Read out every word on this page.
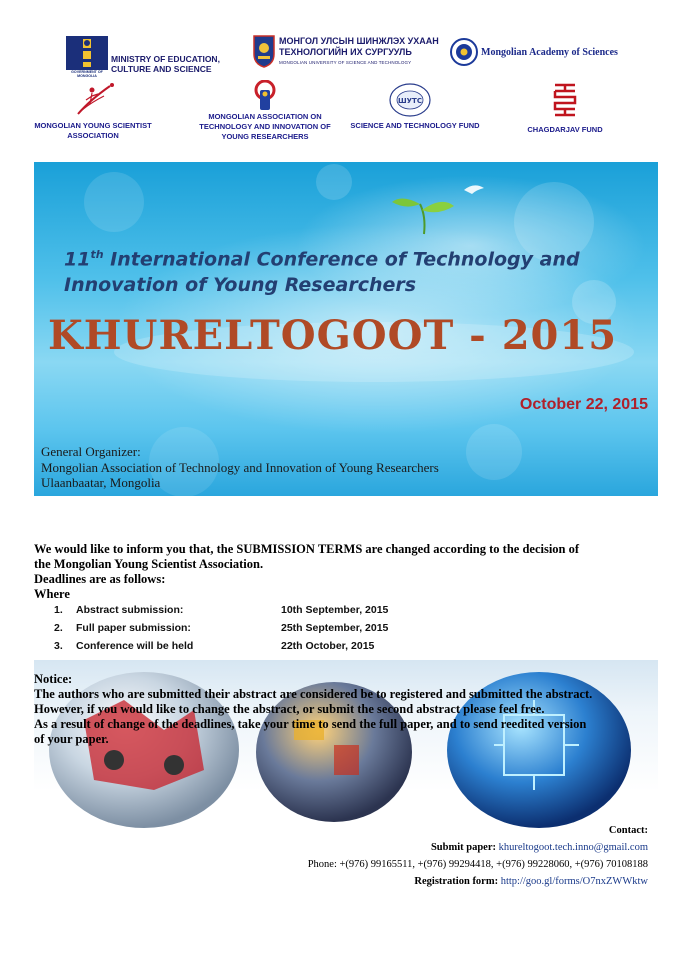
GOVERNMENT OF MONGOLIA
MINISTRY OF EDUCATION,
CULTURE AND SCIENCE
МОНГОЛ УЛСЫН ШИНЖЛЭХ УХААН
ТЕХНОЛОГИЙН ИХ СУРГУУЛЬ
MONGOLIAN UNIVERSITY OF SCIENCE AND TECHNOLOGY
Mongolian Academy of Sciences
MONGOLIAN YOUNG SCIENTIST
ASSOCIATION
MONGOLIAN ASSOCIATION ON
TECHNOLOGY AND INNOVATION OF
YOUNG RESEARCHERS
ШУТС
SCIENCE AND TECHNOLOGY FUND	CHAGDARJAV FUND
11th International Conference of Technology and
Innovation of Young Researchers
KHURELTOGOOT - 2015
October 22, 2015
General Organizer:
Mongolian Association of Technology and Innovation of Young Researchers
Ulaanbaatar, Mongolia
We would like to inform you that, the SUBMISSION TERMS are changed according to the decision of
the Mongolian Young Scientist Association.
Deadlines are as follows:
Where
1. Abstract submission:	10th September, 2015
2. Full paper submission:	25th September, 2015
3. Conference will be held	22th October, 2015
Notice:
The authors who are submitted their abstract are considered be to registered and submitted the abstract.
However, if you would like to change the abstract, or submit the second abstract please feel free.
As a result of change of the deadlines, take your time to send the full paper, and to send reedited version
of your paper.
Contact:
Submit paper: khureltogoot.tech.inno@gmail.com
Phone: +(976) 99165511, +(976) 99294418, +(976) 99228060, +(976) 70108188
Registration form: http://goo.gl/forms/O7nxZWWktw
